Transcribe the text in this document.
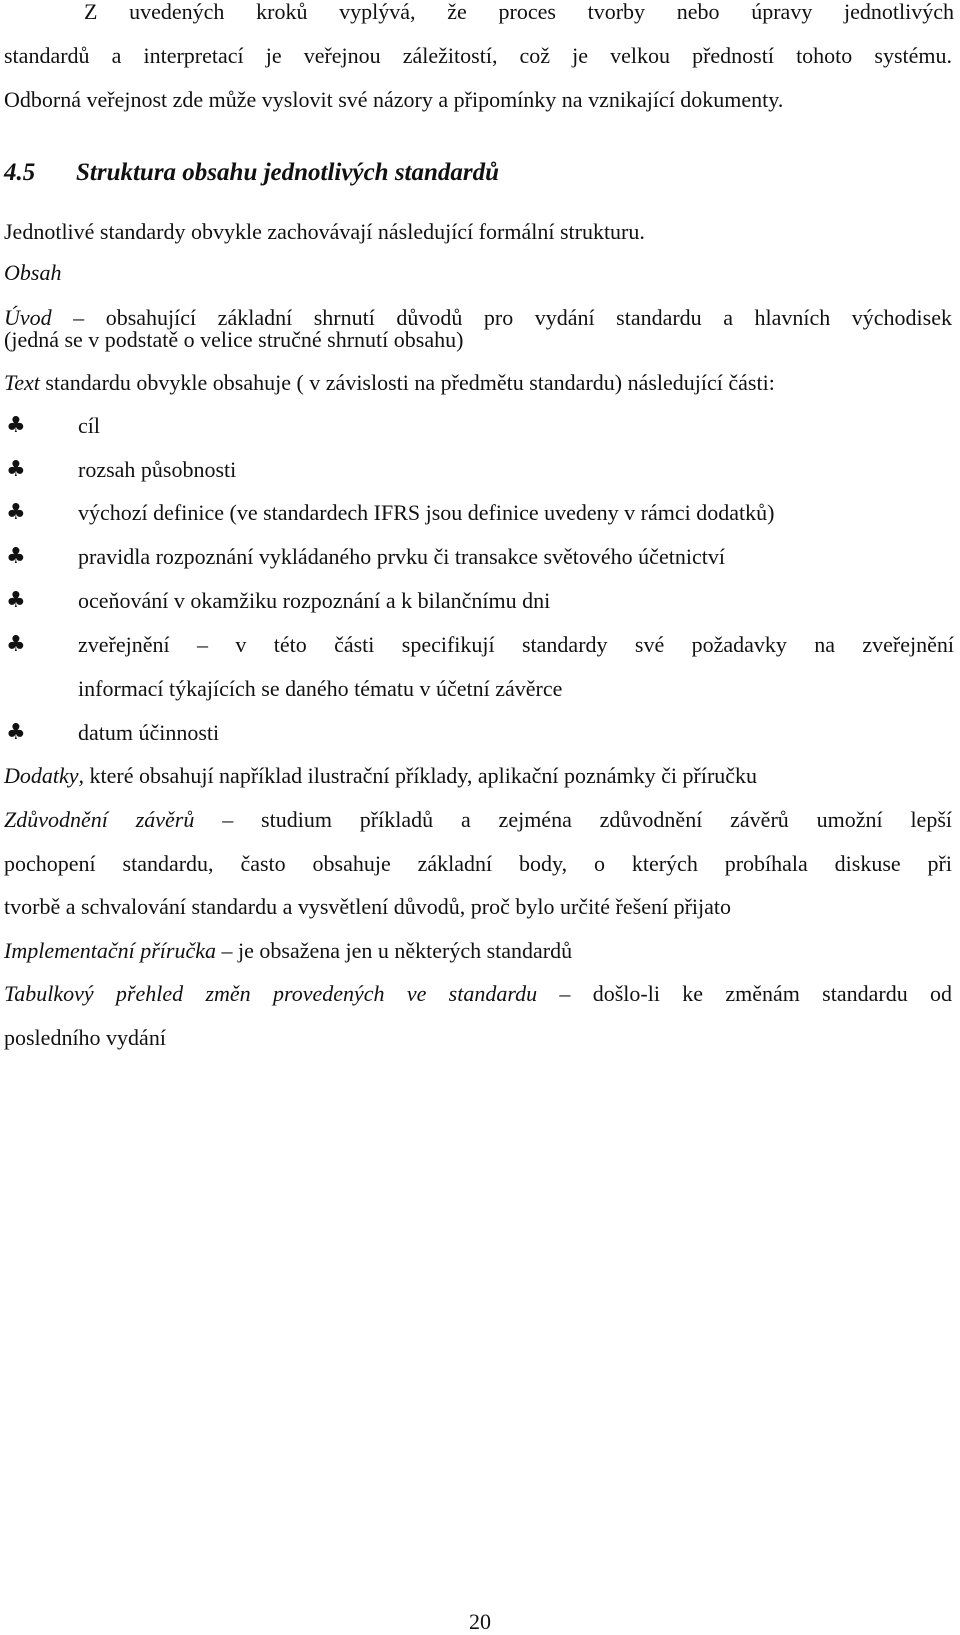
Z uvedených kroků vyplývá, že proces tvorby nebo úpravy jednotlivých
standardů a interpretací je veřejnou záležitostí, což je velkou předností tohoto systému.
Odborná veřejnost zde může vyslovit své názory a připomínky na vznikající dokumenty.
4.5 Struktura obsahu jednotlivých standardů
Jednotlivé standardy obvykle zachovávají následující formální strukturu.
Obsah
Úvod – obsahující základní shrnutí důvodů pro vydání standardu a hlavních východisek
(jedná se v podstatě o velice stručné shrnutí obsahu)
Text standardu obvykle obsahuje ( v závislosti na předmětu standardu) následující části:
♣	cíl
♣	rozsah působnosti
♣	výchozí definice (ve standardech IFRS jsou definice uvedeny v rámci dodatků)
♣	pravidla rozpoznání vykládaného prvku či transakce světového účetnictví
♣	oceňování v okamžiku rozpoznání a k bilančnímu dni
♣	zveřejnění – v této části specifikují standardy své požadavky na zveřejnění
informací týkajících se daného tématu v účetní závěrce
♣	datum účinnosti
Dodatky, které obsahují například ilustrační příklady, aplikační poznámky či příručku
Zdůvodnění závěrů – studium příkladů a zejména zdůvodnění závěrů umožní lepší
pochopení standardu, často obsahuje základní body, o kterých probíhala diskuse při
tvorbě a schvalování standardu a vysvětlení důvodů, proč bylo určité řešení přijato
Implementační příručka – je obsažena jen u některých standardů
Tabulkový přehled změn provedených ve standardu – došlo-li ke změnám standardu od
posledního vydání
20
